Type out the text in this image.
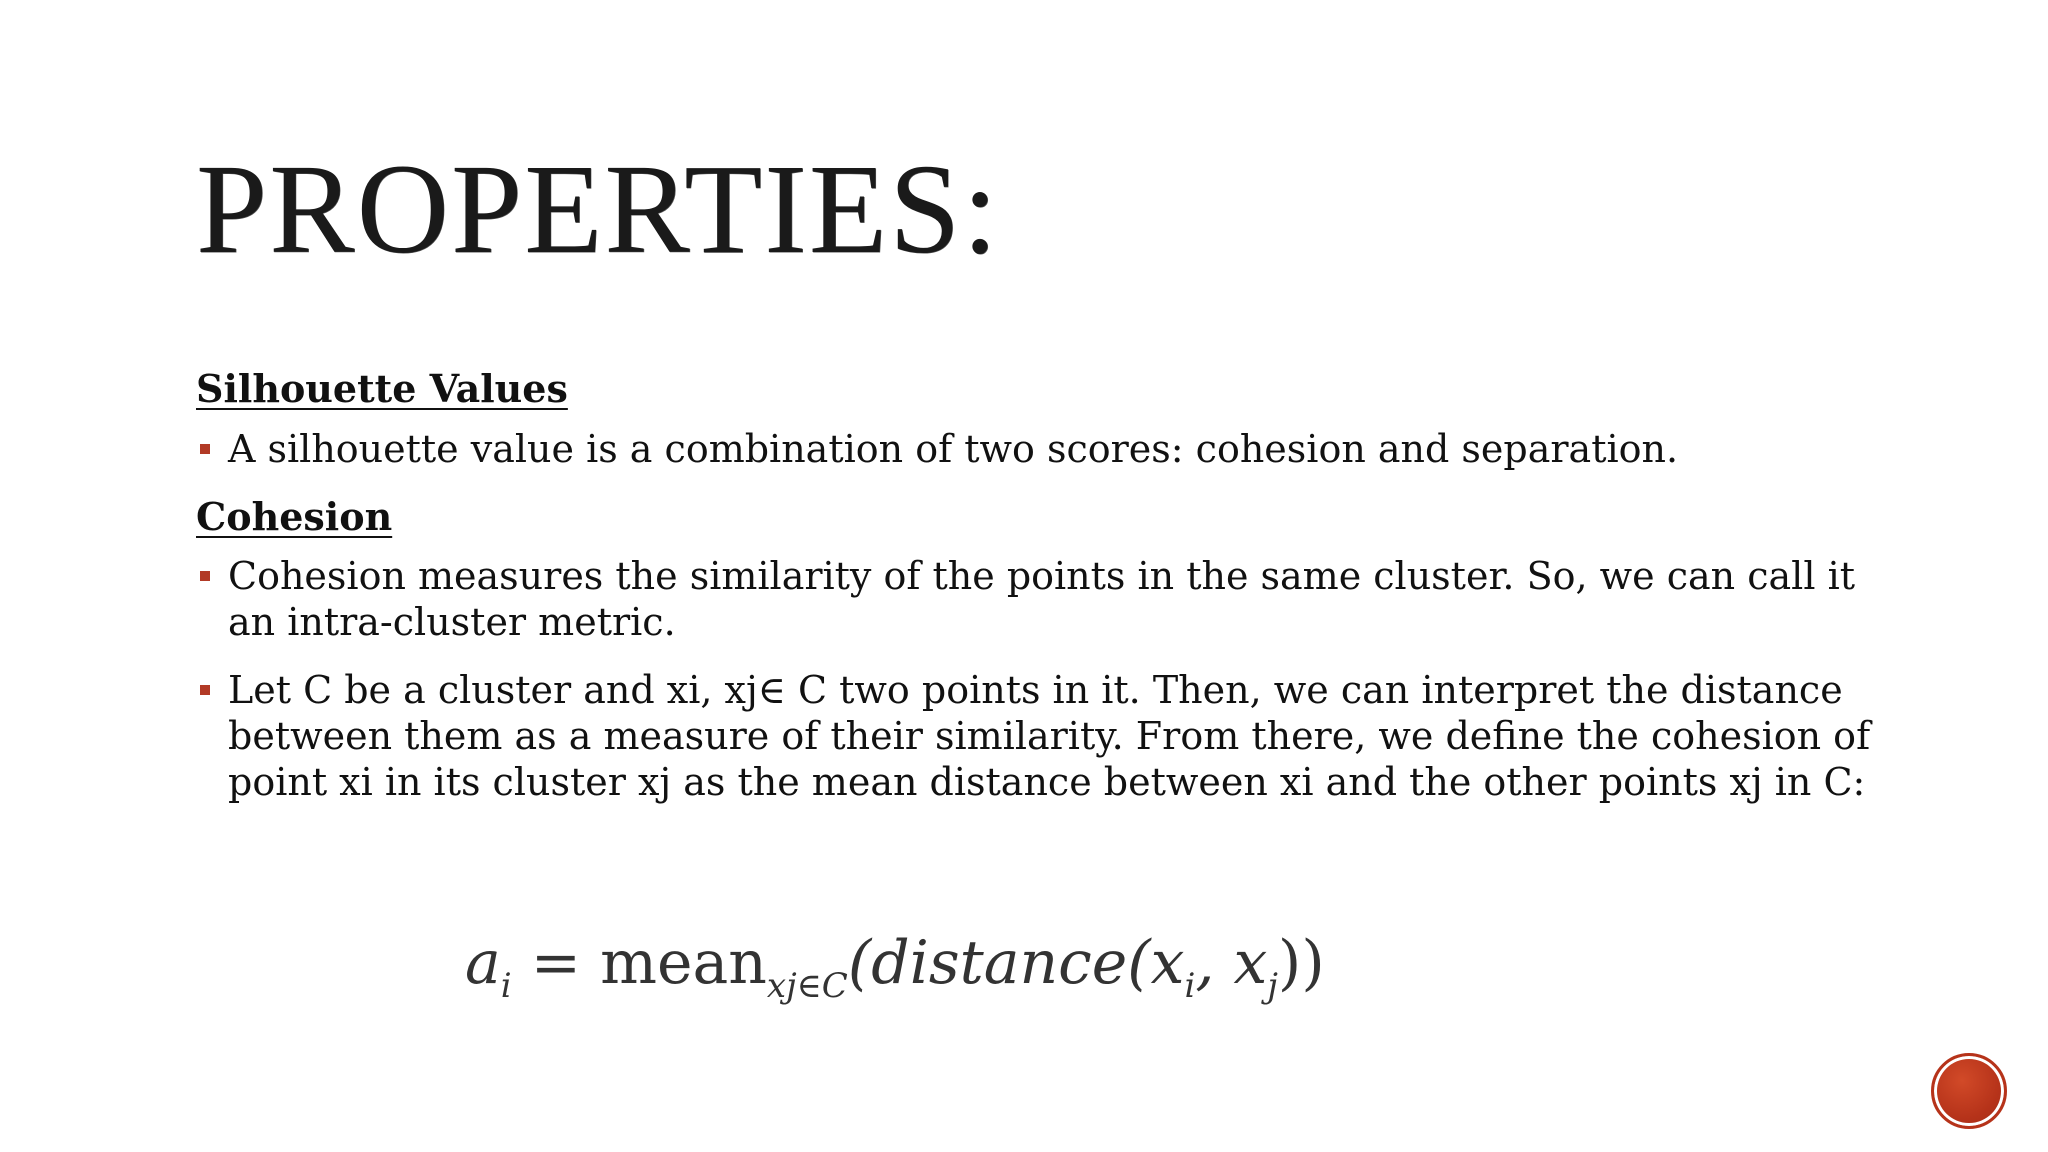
PROPERTIES:
Silhouette Values
A silhouette value is a combination of two scores: cohesion and separation.
Cohesion
Cohesion measures the similarity of the points in the same cluster. So, we can call it an intra-cluster metric.
Let C be a cluster and xi, xj∈ C two points in it. Then, we can interpret the distance between them as a measure of their similarity. From there, we define the cohesion of point xi in its cluster xj as the mean distance between xi and the other points xj in C:
$a_i$ = $mean_{xj\in C}(distance(x_i$, $x_j$))
